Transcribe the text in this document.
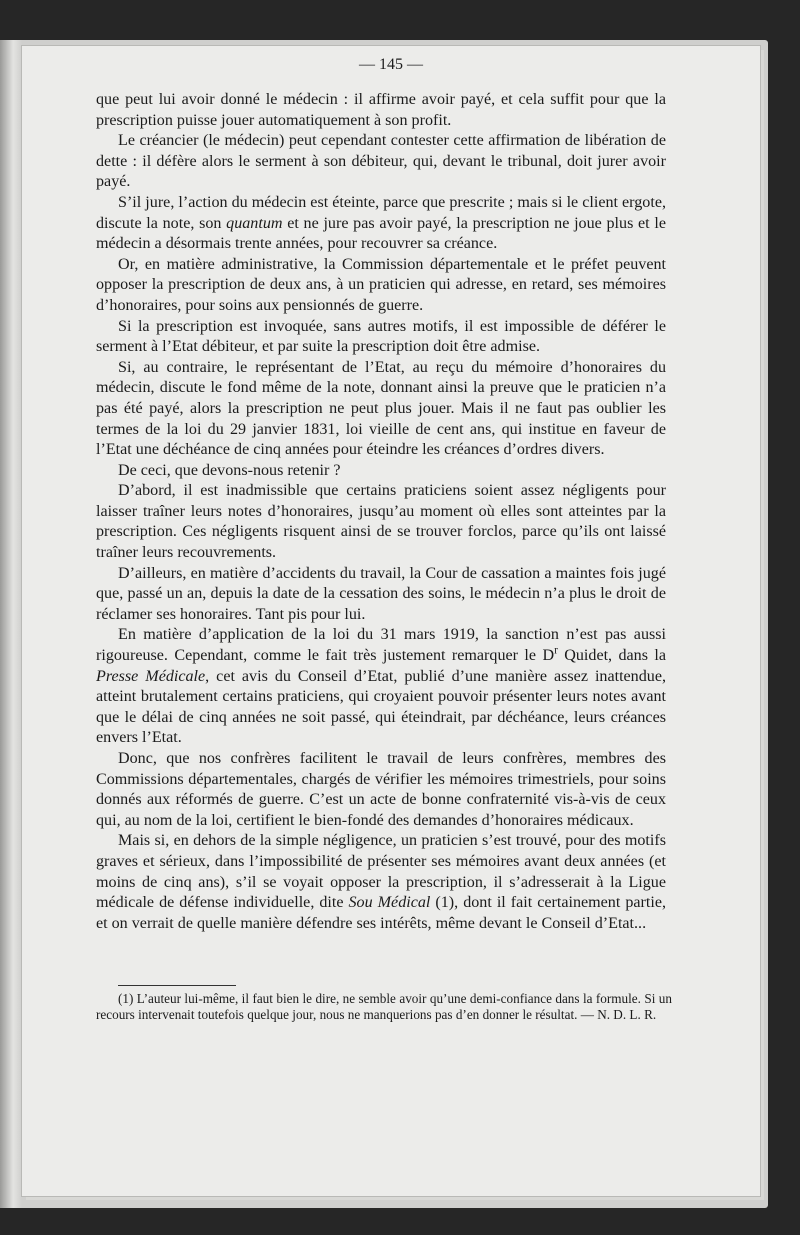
— 145 —

que peut lui avoir donné le médecin : il affirme avoir payé, et cela suffit pour que la prescription puisse jouer automatiquement à son profit.

Le créancier (le médecin) peut cependant contester cette affirmation de libération de dette : il défère alors le serment à son débiteur, qui, devant le tribunal, doit jurer avoir payé.

S’il jure, l’action du médecin est éteinte, parce que prescrite ; mais si le client ergote, discute la note, son quantum et ne jure pas avoir payé, la prescription ne joue plus et le médecin a désormais trente années, pour recouvrer sa créance.

Or, en matière administrative, la Commission départementale et le préfet peuvent opposer la prescription de deux ans, à un praticien qui adresse, en retard, ses mémoires d’honoraires, pour soins aux pensionnés de guerre.

Si la prescription est invoquée, sans autres motifs, il est impossible de déférer le serment à l’Etat débiteur, et par suite la prescription doit être admise.

Si, au contraire, le représentant de l’Etat, au reçu du mémoire d’honoraires du médecin, discute le fond même de la note, donnant ainsi la preuve que le praticien n’a pas été payé, alors la prescription ne peut plus jouer. Mais il ne faut pas oublier les termes de la loi du 29 janvier 1831, loi vieille de cent ans, qui institue en faveur de l’Etat une déchéance de cinq années pour éteindre les créances d’ordres divers.

De ceci, que devons-nous retenir ?

D’abord, il est inadmissible que certains praticiens soient assez négligents pour laisser traîner leurs notes d’honoraires, jusqu’au moment où elles sont atteintes par la prescription. Ces négligents risquent ainsi de se trouver forclos, parce qu’ils ont laissé traîner leurs recouvrements.

D’ailleurs, en matière d’accidents du travail, la Cour de cassation a maintes fois jugé que, passé un an, depuis la date de la cessation des soins, le médecin n’a plus le droit de réclamer ses honoraires. Tant pis pour lui.

En matière d’application de la loi du 31 mars 1919, la sanction n’est pas aussi rigoureuse. Cependant, comme le fait très justement remarquer le $D^r$ Quidet, dans la Presse Médicale, cet avis du Conseil d’Etat, publié d’une manière assez inattendue, atteint brutalement certains praticiens, qui croyaient pouvoir présenter leurs notes avant que le délai de cinq années ne soit passé, qui éteindrait, par déchéance, leurs créances envers l’Etat.

Donc, que nos confrères facilitent le travail de leurs confrères, membres des Commissions départementales, chargés de vérifier les mémoires trimestriels, pour soins donnés aux réformés de guerre. C’est un acte de bonne confraternité vis-à-vis de ceux qui, au nom de la loi, certifient le bien-fondé des demandes d’honoraires médicaux.

Mais si, en dehors de la simple négligence, un praticien s’est trouvé, pour des motifs graves et sérieux, dans l’impossibilité de présenter ses mémoires avant deux années (et moins de cinq ans), s’il se voyait opposer la prescription, il s’adresserait à la Ligue médicale de défense individuelle, dite Sou Médical (1), dont il fait certainement partie, et on verrait de quelle manière défendre ses intérêts, même devant le Conseil d’Etat...

(1) L’auteur lui-même, il faut bien le dire, ne semble avoir qu’une demi-confiance dans la formule. Si un recours intervenait toutefois quelque jour, nous ne manquerions pas d’en donner le résultat. — N. D. L. R.
